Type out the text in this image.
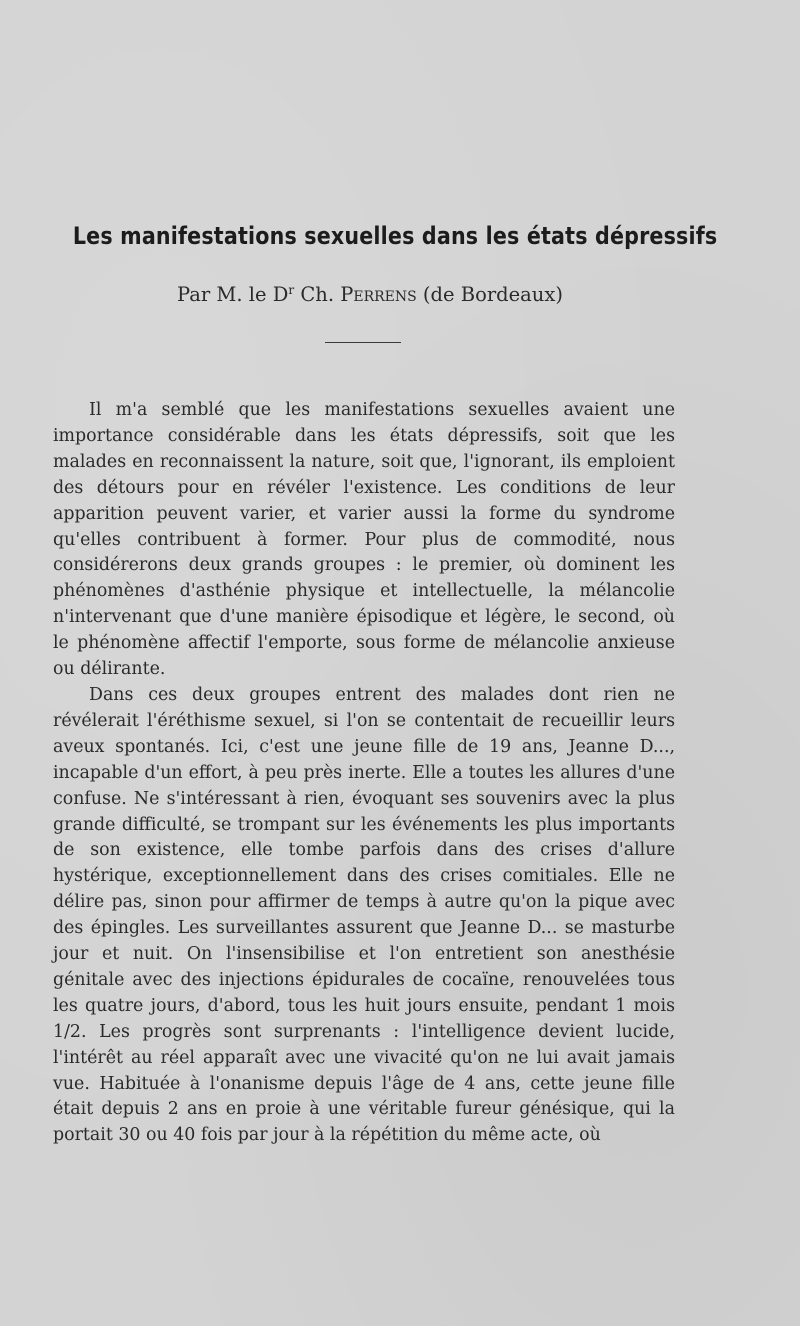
Les manifestations sexuelles dans les états dépressifs
Par M. le $D^r$ Ch. Perrens (de Bordeaux)

Il m'a semblé que les manifestations sexuelles avaient une importance considérable dans les états dépressifs, soit que les malades en reconnaissent la nature, soit que, l'ignorant, ils emploient des détours pour en révéler l'existence. Les conditions de leur apparition peuvent varier, et varier aussi la forme du syndrome qu'elles contribuent à former. Pour plus de commodité, nous considérerons deux grands groupes : le premier, où dominent les phénomènes d'asthénie physique et intellectuelle, la mélancolie n'intervenant que d'une manière épisodique et légère, le second, où le phénomène affectif l'emporte, sous forme de mélancolie anxieuse ou délirante.

Dans ces deux groupes entrent des malades dont rien ne révélerait l'éréthisme sexuel, si l'on se contentait de recueillir leurs aveux spontanés. Ici, c'est une jeune fille de 19 ans, Jeanne D..., incapable d'un effort, à peu près inerte. Elle a toutes les allures d'une confuse. Ne s'intéressant à rien, évoquant ses souvenirs avec la plus grande difficulté, se trompant sur les événements les plus importants de son existence, elle tombe parfois dans des crises d'allure hystérique, exceptionnellement dans des crises comitiales. Elle ne délire pas, sinon pour affirmer de temps à autre qu'on la pique avec des épingles. Les surveillantes assurent que Jeanne D... se masturbe jour et nuit. On l'insensibilise et l'on entretient son anesthésie génitale avec des injections épidurales de cocaïne, renouvelées tous les quatre jours, d'abord, tous les huit jours ensuite, pendant 1 mois 1/2. Les progrès sont surprenants : l'intelligence devient lucide, l'intérêt au réel apparaît avec une vivacité qu'on ne lui avait jamais vue. Habituée à l'onanisme depuis l'âge de 4 ans, cette jeune fille était depuis 2 ans en proie à une véritable fureur génésique, qui la portait 30 ou 40 fois par jour à la répétition du même acte, où
